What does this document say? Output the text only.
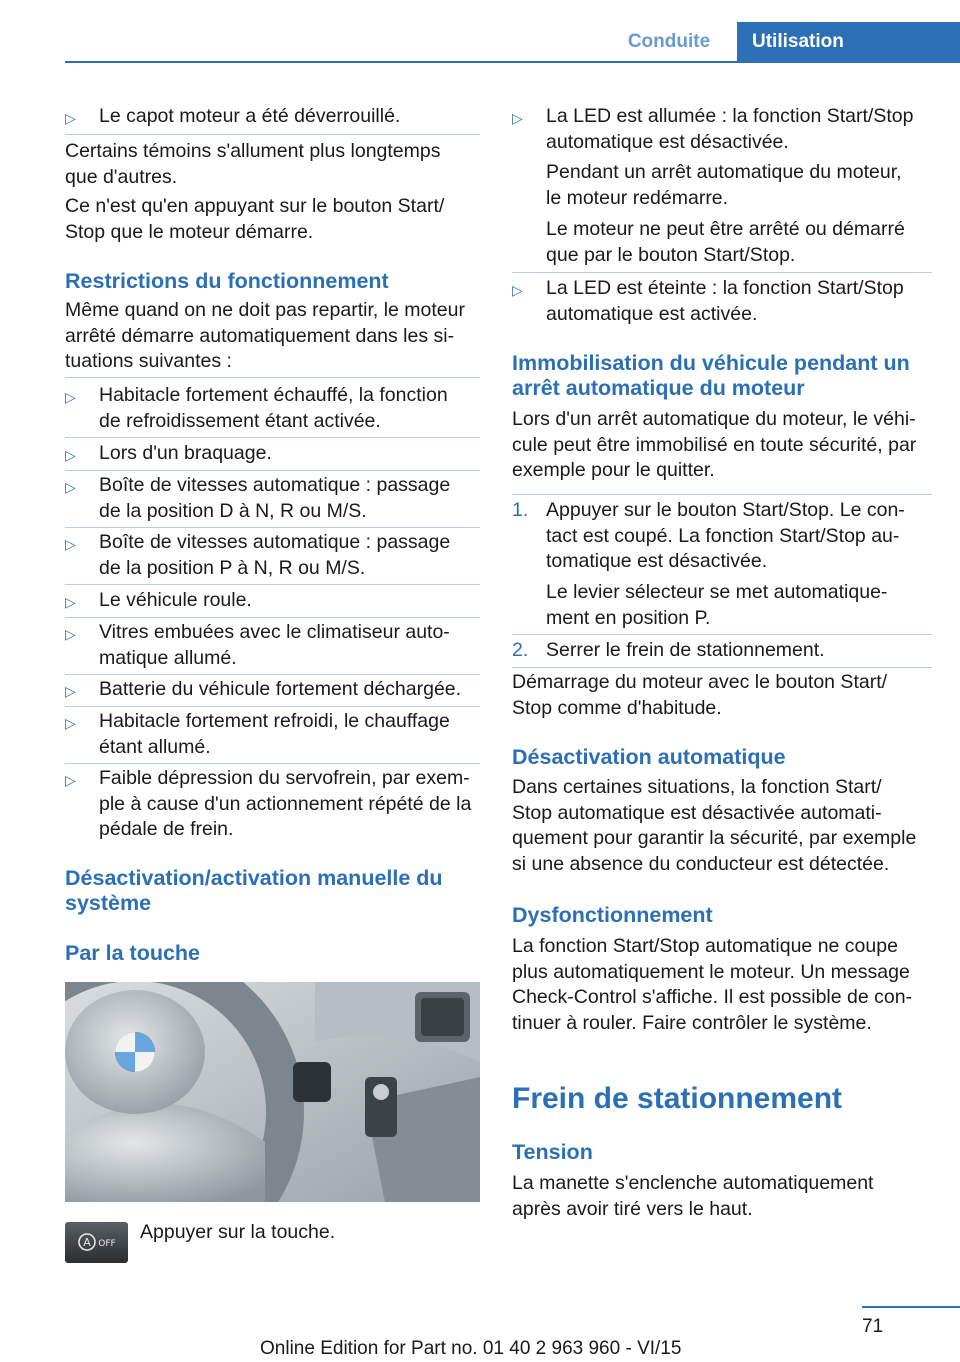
Conduite	Utilisation
▷ Le capot moteur a été déverrouillé.

Certains témoins s'allument plus longtemps
que d'autres.

Ce n'est qu'en appuyant sur le bouton Start/
Stop que le moteur démarre.

Restrictions du fonctionnement

Même quand on ne doit pas repartir, le moteur
arrêté démarre automatiquement dans les si‐
tuations suivantes :

▷ Habitacle fortement échauffé, la fonction
de refroidissement étant activée.

▷ Lors d'un braquage.

▷ Boîte de vitesses automatique : passage
de la position D à N, R ou M/S.

▷ Boîte de vitesses automatique : passage
de la position P à N, R ou M/S.

▷ Le véhicule roule.

▷ Vitres embuées avec le climatiseur auto‐
matique allumé.

▷ Batterie du véhicule fortement déchargée.

▷ Habitacle fortement refroidi, le chauffage
étant allumé.

▷ Faible dépression du servofrein, par exem‐
ple à cause d'un actionnement répété de la
pédale de frein.

Désactivation/activation manuelle du
système
Par la touche
A OFF

Appuyer sur la touche.

▷ La LED est allumée : la fonction Start/Stop
automatique est désactivée.

Pendant un arrêt automatique du moteur,
le moteur redémarre.

Le moteur ne peut être arrêté ou démarré
que par le bouton Start/Stop.

▷ La LED est éteinte : la fonction Start/Stop
automatique est activée.

Immobilisation du véhicule pendant un
arrêt automatique du moteur

Lors d'un arrêt automatique du moteur, le véhi‐
cule peut être immobilisé en toute sécurité, par
exemple pour le quitter.

1. Appuyer sur le bouton Start/Stop. Le con‐
tact est coupé. La fonction Start/Stop au‐
tomatique est désactivée.

Le levier sélecteur se met automatique‐
ment en position P.

2. Serrer le frein de stationnement.

Démarrage du moteur avec le bouton Start/
Stop comme d'habitude.

Désactivation automatique

Dans certaines situations, la fonction Start/
Stop automatique est désactivée automati‐
quement pour garantir la sécurité, par exemple
si une absence du conducteur est détectée.

Dysfonctionnement

La fonction Start/Stop automatique ne coupe
plus automatiquement le moteur. Un message
Check-Control s'affiche. Il est possible de con‐
tinuer à rouler. Faire contrôler le système.

Frein de stationnement
Tension

La manette s'enclenche automatiquement
après avoir tiré vers le haut.

71
Online Edition for Part no. 01 40 2 963 960 - VI/15
